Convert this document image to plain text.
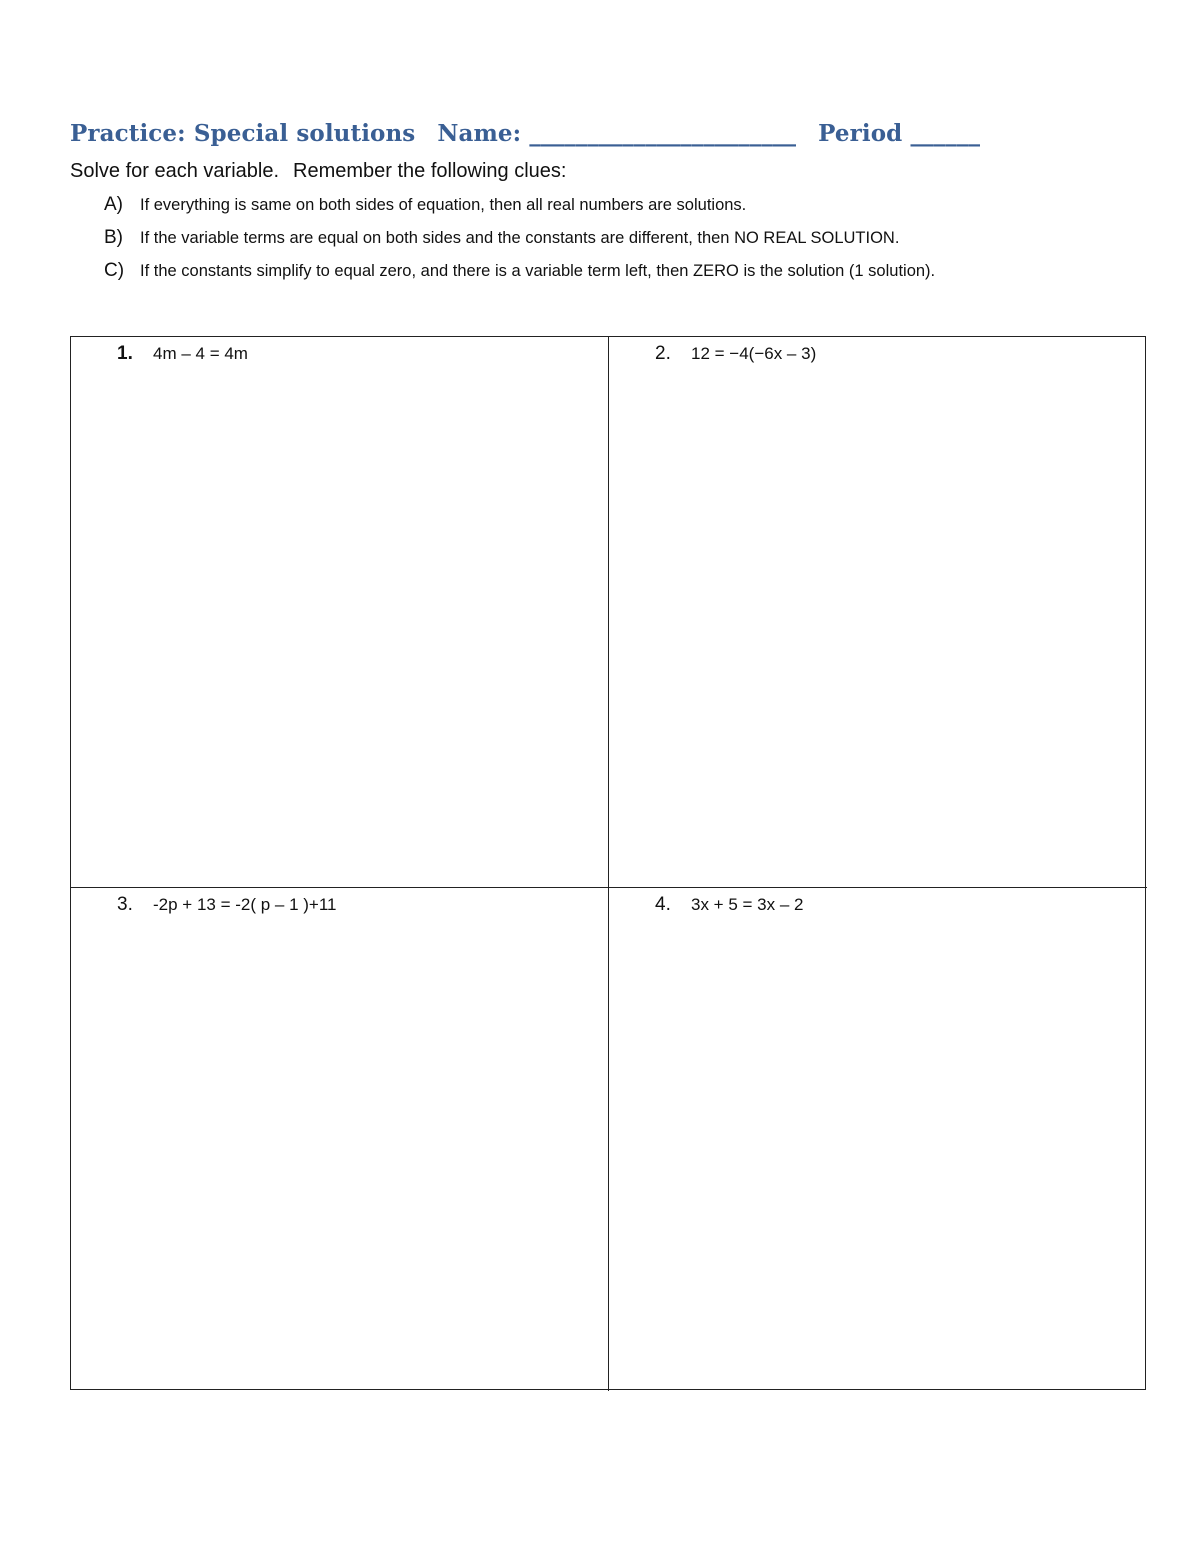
Practice: Special solutions Name: _______________________ Period ______
Solve for each variable. Remember the following clues:
A)	If everything is same on both sides of equation, then all real numbers are solutions.
B)	If the variable terms are equal on both sides and the constants are different, then NO REAL SOLUTION.
C) If the constants simplify to equal zero, and there is a variable term left, then ZERO is the solution (1 solution).
1.	4m – 4 = 4m	2.	12 = −4(−6x – 3)
3.	-2p + 13 = -2( p – 1 )+11	4.	3x + 5 = 3x – 2
